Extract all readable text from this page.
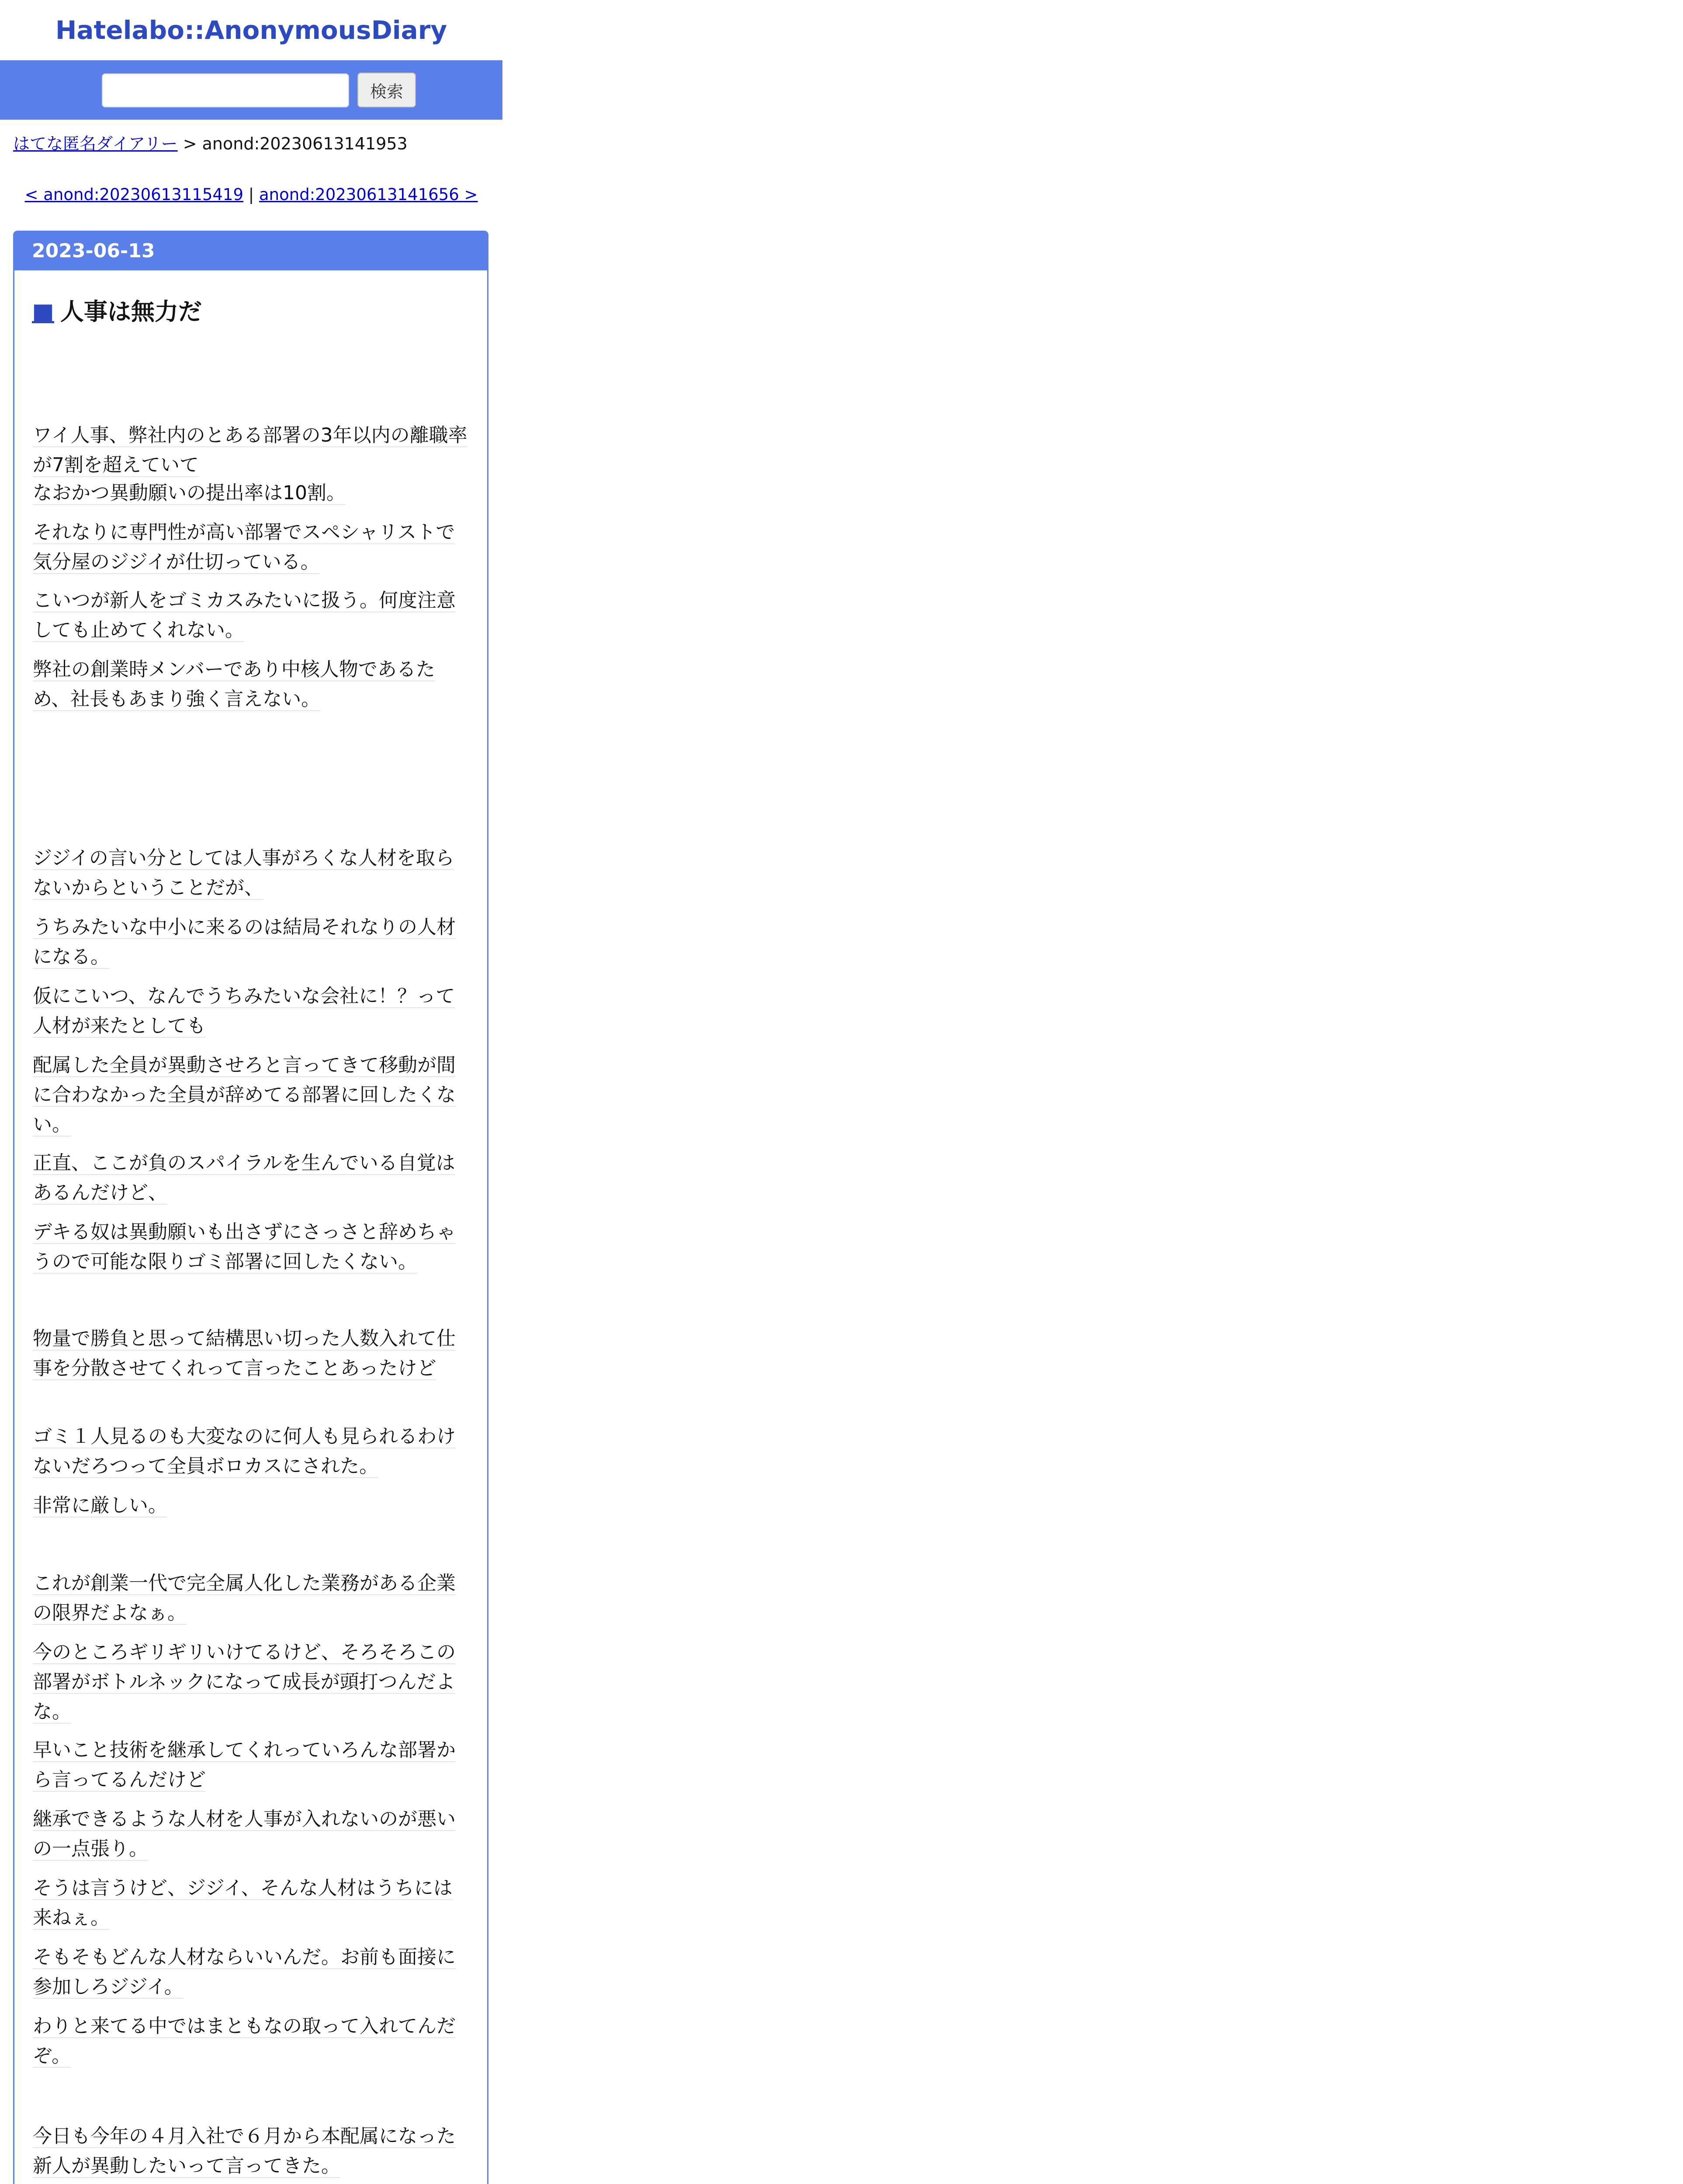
Hatelabo::AnonymousDiary
検索
はてな匿名ダイアリー > anond:20230613141953
< anond:20230613115419 | anond:20230613141656 >
2023-06-13
■ 人事は無力だ
ワイ人事、弊社内のとある部署の3年以内の離職率が7割を超えていて
なおかつ異動願いの提出率は10割。
それなりに専門性が高い部署でスペシャリストで気分屋のジジイが仕切っている。
こいつが新人をゴミカスみたいに扱う。何度注意しても止めてくれない。
弊社の創業時メンバーであり中核人物であるため、社長もあまり強く言えない。
ジジイの言い分としては人事がろくな人材を取らないからということだが、
うちみたいな中小に来るのは結局それなりの人材になる。
仮にこいつ、なんでうちみたいな会社に！？って人材が来たとしても
配属した全員が異動させろと言ってきて移動が間に合わなかった全員が辞めてる部署に回したくない。
正直、ここが負のスパイラルを生んでいる自覚はあるんだけど、
デキる奴は異動願いも出さずにさっさと辞めちゃうので可能な限りゴミ部署に回したくない。
物量で勝負と思って結構思い切った人数入れて仕事を分散させてくれって言ったことあったけど
ゴミ１人見るのも大変なのに何人も見られるわけないだろつって全員ボロカスにされた。
非常に厳しい。
これが創業一代で完全属人化した業務がある企業の限界だよなぁ。
今のところギリギリいけてるけど、そろそろこの部署がボトルネックになって成長が頭打つんだよな。
早いこと技術を継承してくれっていろんな部署から言ってるんだけど
継承できるような人材を人事が入れないのが悪いの一点張り。
そうは言うけど、ジジイ、そんな人材はうちには来ねぇ。
そもそもどんな人材ならいいんだ。お前も面接に参加しろジジイ。
わりと来てる中ではまともなの取って入れてんだぞ。
今日も今年の４月入社で６月から本配属になった新人が異動したいって言ってきた。
